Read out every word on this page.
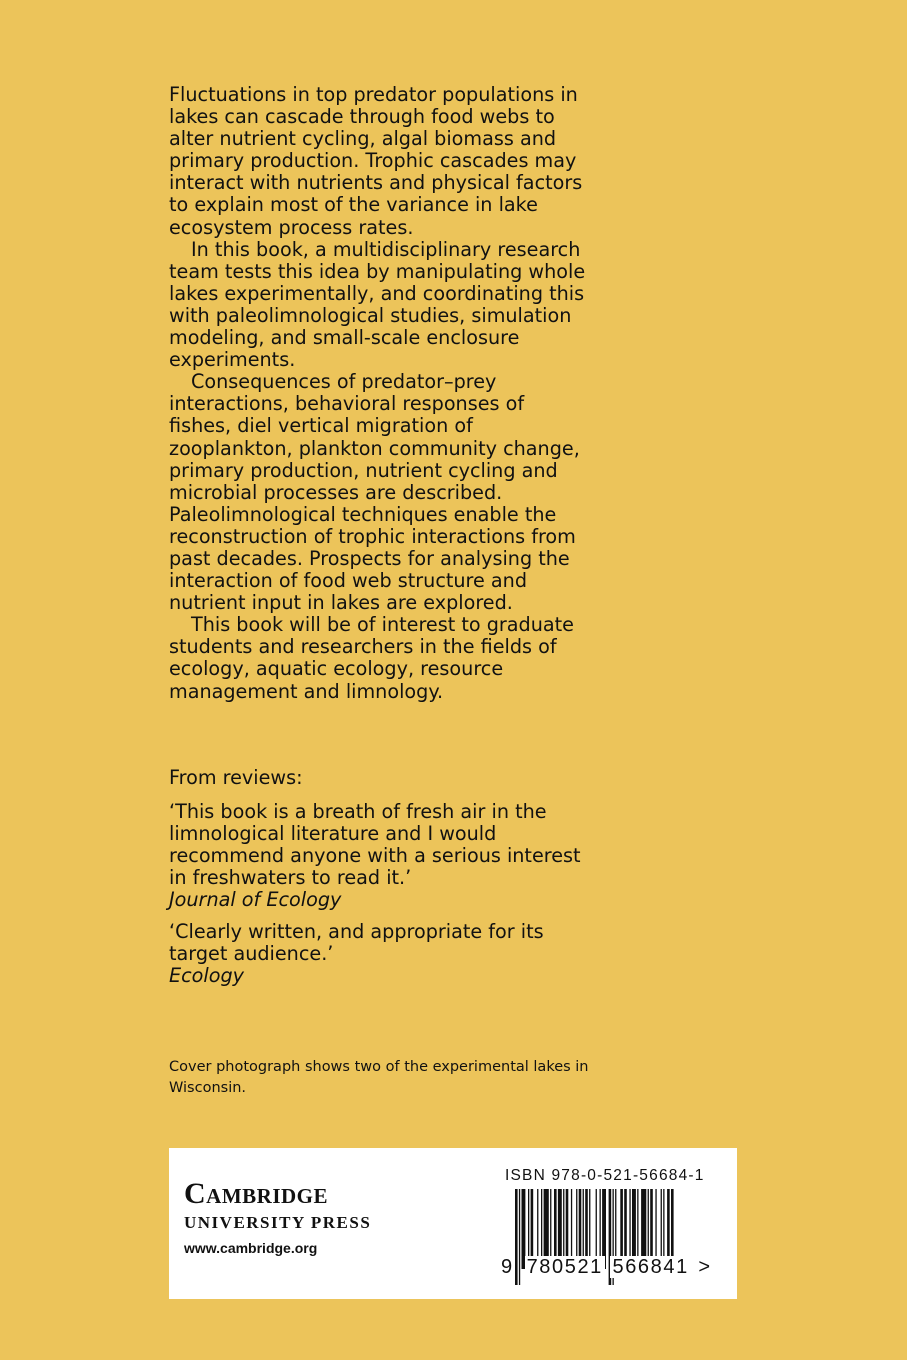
Fluctuations in top predator populations in lakes can cascade through food webs to alter nutrient cycling, algal biomass and primary production. Trophic cascades may interact with nutrients and physical factors to explain most of the variance in lake ecosystem process rates.

In this book, a multidisciplinary research team tests this idea by manipulating whole lakes experimentally, and coordinating this with paleolimnological studies, simulation modeling, and small-scale enclosure experiments.

Consequences of predator–prey interactions, behavioral responses of fishes, diel vertical migration of zooplankton, plankton community change, primary production, nutrient cycling and microbial processes are described. Paleolimnological techniques enable the reconstruction of trophic interactions from past decades. Prospects for analysing the interaction of food web structure and nutrient input in lakes are explored.

This book will be of interest to graduate students and researchers in the fields of ecology, aquatic ecology, resource management and limnology.

From reviews:

‘This book is a breath of fresh air in the limnological literature and I would recommend anyone with a serious interest in freshwaters to read it.’
Journal of Ecology

‘Clearly written, and appropriate for its target audience.’
Ecology

Cover photograph shows two of the experimental lakes in Wisconsin.
Cambridge
UNIVERSITY PRESS
www.cambridge.org
ISBN 978-0-521-56684-1
9 780521 566841 >
